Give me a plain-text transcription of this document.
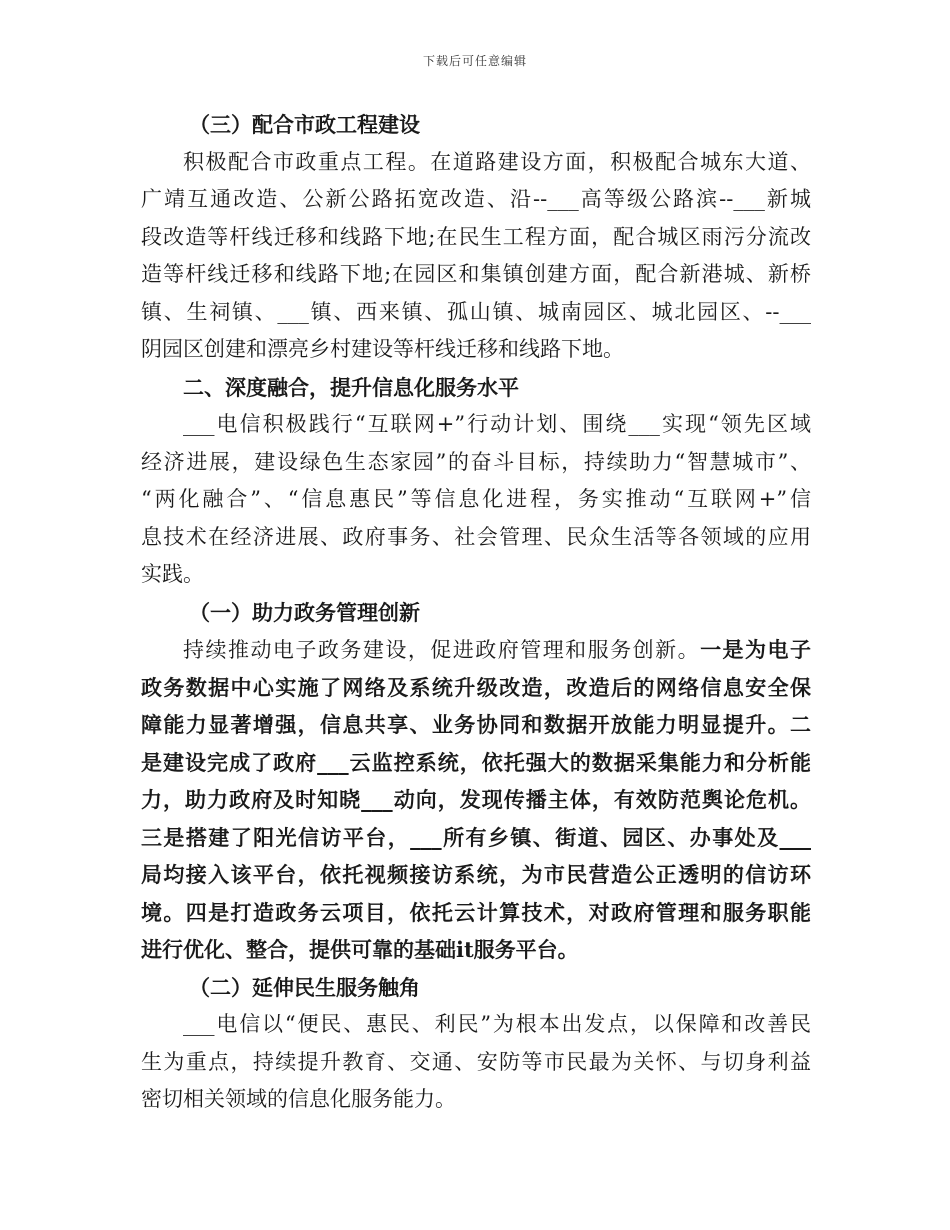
下载后可任意编辑
（三）配合市政工程建设
积极配合市政重点工程。在道路建设方面，积极配合城东大道、
广靖互通改造、公新公路拓宽改造、沿--___高等级公路滨--___新城
段改造等杆线迁移和线路下地;在民生工程方面，配合城区雨污分流改
造等杆线迁移和线路下地;在园区和集镇创建方面，配合新港城、新桥
镇、生祠镇、___镇、西来镇、孤山镇、城南园区、城北园区、--___
阴园区创建和漂亮乡村建设等杆线迁移和线路下地。
二、深度融合，提升信息化服务水平
___电信积极践行“互联网+”行动计划、围绕___实现“领先区域
经济进展，建设绿色生态家园”的奋斗目标，持续助力“智慧城市”、
“两化融合”、“信息惠民”等信息化进程，务实推动“互联网+”信
息技术在经济进展、政府事务、社会管理、民众生活等各领域的应用
实践。
（一）助力政务管理创新
持续推动电子政务建设，促进政府管理和服务创新。一是为电子
政务数据中心实施了网络及系统升级改造，改造后的网络信息安全保
障能力显著增强，信息共享、业务协同和数据开放能力明显提升。二
是建设完成了政府___云监控系统，依托强大的数据采集能力和分析能
力，助力政府及时知晓___动向，发现传播主体，有效防范舆论危机。
三是搭建了阳光信访平台，___所有乡镇、街道、园区、办事处及___
局均接入该平台，依托视频接访系统，为市民营造公正透明的信访环
境。四是打造政务云项目，依托云计算技术，对政府管理和服务职能
进行优化、整合，提供可靠的基础it服务平台。
（二）延伸民生服务触角
___电信以“便民、惠民、利民”为根本出发点，以保障和改善民
生为重点，持续提升教育、交通、安防等市民最为关怀、与切身利益
密切相关领域的信息化服务能力。
